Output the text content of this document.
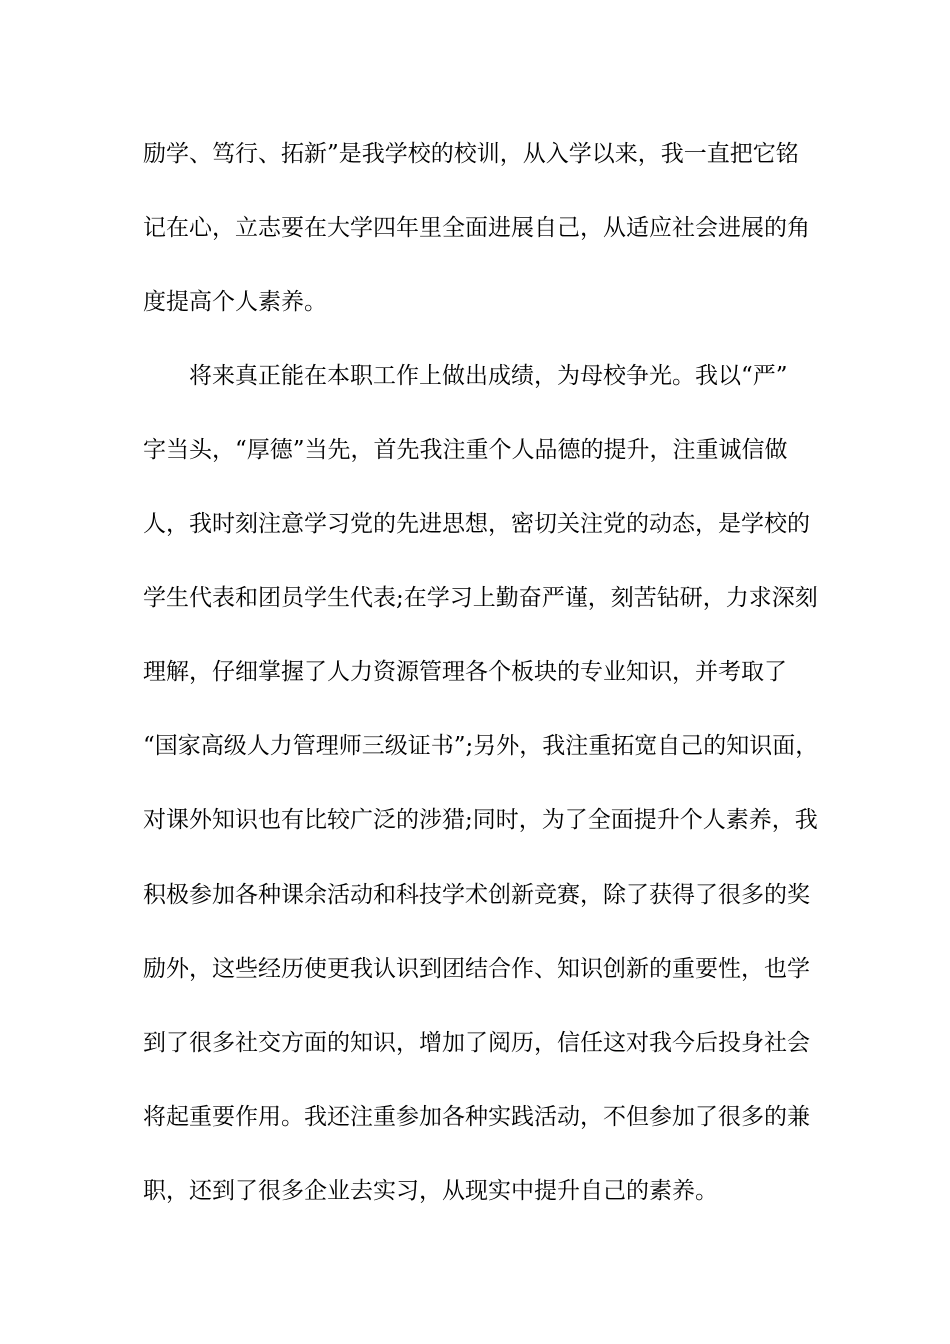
励学、笃行、拓新”是我学校的校训，从入学以来，我一直把它铭
记在心，立志要在大学四年里全面进展自己，从适应社会进展的角
度提高个人素养。
将来真正能在本职工作上做出成绩，为母校争光。我以“严”
字当头，“厚德”当先，首先我注重个人品德的提升，注重诚信做
人，我时刻注意学习党的先进思想，密切关注党的动态，是学校的
学生代表和团员学生代表;在学习上勤奋严谨，刻苦钻研，力求深刻
理解，仔细掌握了人力资源管理各个板块的专业知识，并考取了
“国家高级人力管理师三级证书”;另外，我注重拓宽自己的知识面，
对课外知识也有比较广泛的涉猎;同时，为了全面提升个人素养，我
积极参加各种课余活动和科技学术创新竞赛，除了获得了很多的奖
励外，这些经历使更我认识到团结合作、知识创新的重要性，也学
到了很多社交方面的知识，增加了阅历，信任这对我今后投身社会
将起重要作用。我还注重参加各种实践活动，不但参加了很多的兼
职，还到了很多企业去实习，从现实中提升自己的素养。
